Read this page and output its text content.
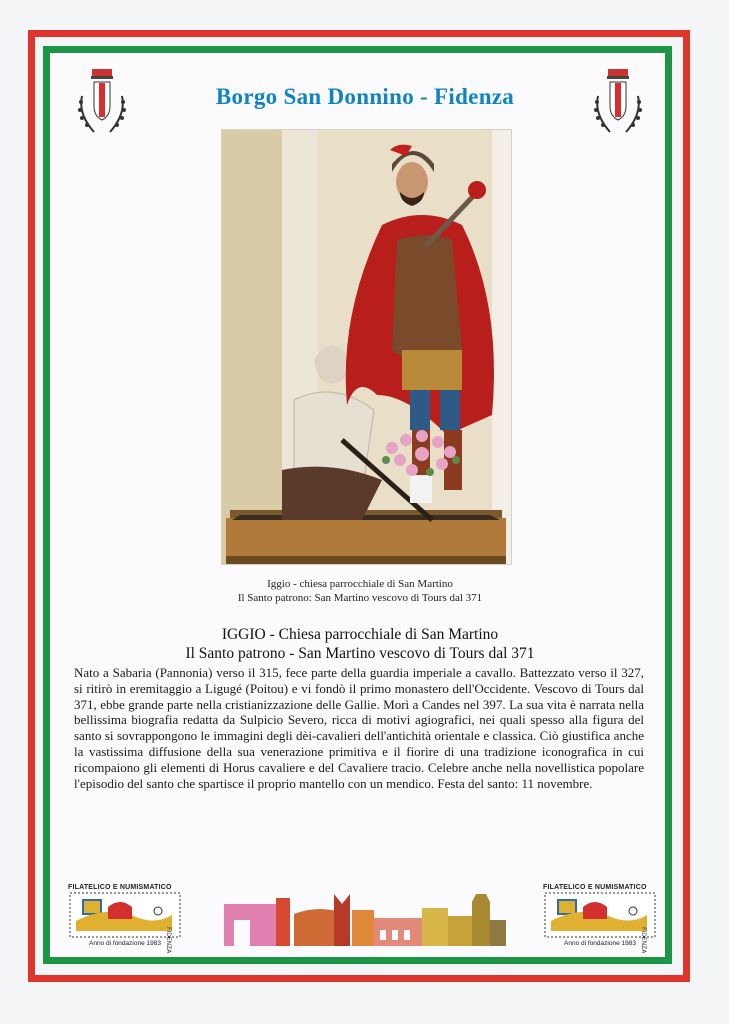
Borgo San Donnino - Fidenza
Iggio - chiesa parrocchiale di San Martino
Il Santo patrono: San Martino vescovo di Tours dal 371
IGGIO - Chiesa parrocchiale di San Martino
Il Santo patrono - San Martino vescovo di Tours dal 371
Nato a Sabaria (Pannonia) verso il 315, fece parte della guardia imperiale a cavallo. Battezzato verso il 327, si ritirò in eremitaggio a Ligugé (Poitou) e vi fondò il primo monastero dell'Occidente. Vescovo di Tours dal 371, ebbe grande parte nella cristianizzazione delle Gallie. Morì a Candes nel 397. La sua vita è narrata nella bellissima biografia redatta da Sulpicio Severo, ricca di motivi agiografici, nei quali spesso alla figura del santo si sovrappongono le immagini degli dèi-cavalieri dell'antichità orientale e classica. Ciò giustifica anche la vastissima diffusione della sua venerazione primitiva e il fiorire di una tradizione iconografica in cui ricompaiono gli elementi di Horus cavaliere e del Cavaliere tracio. Celebre anche nella novellistica popolare l'episodio del santo che spartisce il proprio mantello con un mendico. Festa del santo: 11 novembre.
FILATELICO E NUMISMATICO
FIDENZA
Anno di fondazione 1983
FILATELICO E NUMISMATICO
FIDENZA
Anno di fondazione 1983
